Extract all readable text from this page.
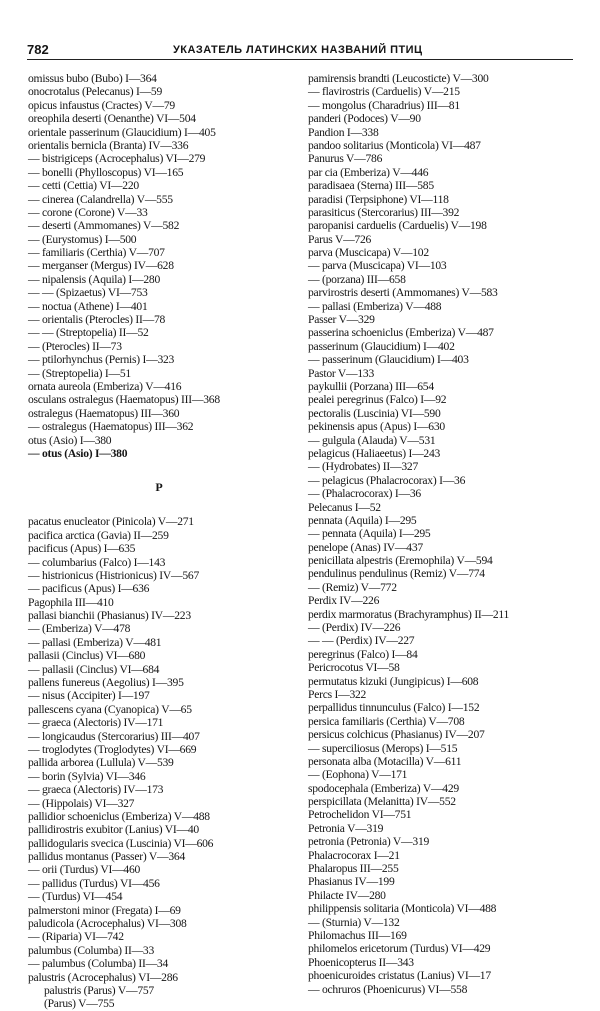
782	УКАЗАТЕЛЬ ЛАТИНСКИХ НАЗВАНИЙ ПТИЦ
omissus bubo (Bubo) I—364
onocrotalus (Pelecanus) I—59
opicus infaustus (Cractes) V—79
oreophila deserti (Oenanthe) VI—504
orientale passerinum (Glaucidium) I—405
orientalis bernicla (Branta) IV—336
— bistrigiceps (Acrocephalus) VI—279
— bonelli (Phylloscopus) VI—165
— cetti (Cettia) VI—220
— cinerea (Calandrella) V—555
— corone (Corone) V—33
— deserti (Ammomanes) V—582
— (Eurystomus) I—500
— familiaris (Certhia) V—707
— merganser (Mergus) IV—628
— nipalensis (Aquila) I—280
— — (Spizaetus) VI—753
— noctua (Athene) I—401
— orientalis (Pterocles) II—78
— — (Streptopelia) II—52
— (Pterocles) II—73
— ptilorhynchus (Pernis) I—323
— (Streptopelia) I—51
ornata aureola (Emberiza) V—416
osculans ostralegus (Haematopus) III—368
ostralegus (Haematopus) III—360
— ostralegus (Haematopus) III—362
otus (Asio) I—380
— otus (Asio) I—380
P
pacatus enucleator (Pinicola) V—271
pacifica arctica (Gavia) II—259
pacificus (Apus) I—635
— columbarius (Falco) I—143
— histrionicus (Histrionicus) IV—567
— pacificus (Apus) I—636
Pagophila III—410
pallasi bianchii (Phasianus) IV—223
— (Emberiza) V—478
— pallasi (Emberiza) V—481
pallasii (Cinclus) VI—680
— pallasii (Cinclus) VI—684
pallens funereus (Aegolius) I—395
— nisus (Accipiter) I—197
pallescens cyana (Cyanopica) V—65
— graeca (Alectoris) IV—171
— longicaudus (Stercorarius) III—407
— troglodytes (Troglodytes) VI—669
pallida arborea (Lullula) V—539
— borin (Sylvia) VI—346
— graeca (Alectoris) IV—173
— (Hippolais) VI—327
pallidior schoeniclus (Emberiza) V—488
pallidirostris exubitor (Lanius) VI—40
pallidogularis svecica (Luscinia) VI—606
pallidus montanus (Passer) V—364
— orii (Turdus) VI—460
— pallidus (Turdus) VI—456
— (Turdus) VI—454
palmerstoni minor (Fregata) I—69
paludicola (Acrocephalus) VI—308
— (Riparia) VI—742
palumbus (Columba) II—33
— palumbus (Columba) II—34
palustris (Acrocephalus) VI—286
palustris (Parus) V—757
(Parus) V—755
pamirensis brandti (Leucosticte) V—300
— flavirostris (Carduelis) V—215
— mongolus (Charadrius) III—81
panderi (Podoces) V—90
Pandion I—338
pandoo solitarius (Monticola) VI—487
Panurus V—786
par cia (Emberiza) V—446
paradisaea (Sterna) III—585
paradisi (Terpsiphone) VI—118
parasiticus (Stercorarius) III—392
paropanisi carduelis (Carduelis) V—198
Parus V—726
parva (Muscicapa) V—102
— parva (Muscicapa) VI—103
— (porzana) III—658
parvirostris deserti (Ammomanes) V—583
— pallasi (Emberiza) V—488
Passer V—329
passerina schoeniclus (Emberiza) V—487
passerinum (Glaucidium) I—402
— passerinum (Glaucidium) I—403
Pastor V—133
paykullii (Porzana) III—654
pealei peregrinus (Falco) I—92
pectoralis (Luscinia) VI—590
pekinensis apus (Apus) I—630
— gulgula (Alauda) V—531
pelagicus (Haliaeetus) I—243
— (Hydrobates) II—327
— pelagicus (Phalacrocorax) I—36
— (Phalacrocorax) I—36
Pelecanus I—52
pennata (Aquila) I—295
— pennata (Aquila) I—295
penelope (Anas) IV—437
penicillata alpestris (Eremophila) V—594
pendulinus pendulinus (Remiz) V—774
— (Remiz) V—772
Perdix IV—226
perdix marmoratus (Brachyramphus) II—211
— (Perdix) IV—226
— — (Perdix) IV—227
peregrinus (Falco) I—84
Pericrocotus VI—58
permutatus kizuki (Jungipicus) I—608
Percs I—322
perpallidus tinnunculus (Falco) I—152
persica familiaris (Certhia) V—708
persicus colchicus (Phasianus) IV—207
— superciliosus (Merops) I—515
personata alba (Motacilla) V—611
— (Eophona) V—171
spodocephala (Emberiza) V—429
perspicillata (Melanitta) IV—552
Petrochelidon VI—751
Petronia V—319
petronia (Petronia) V—319
Phalacrocorax I—21
Phalaropus III—255
Phasianus IV—199
Philacte IV—280
philippensis solitaria (Monticola) VI—488
— (Sturnia) V—132
Philomachus III—169
philomelos ericetorum (Turdus) VI—429
Phoenicopterus II—343
phoenicuroides cristatus (Lanius) VI—17
— ochruros (Phoenicurus) VI—558
